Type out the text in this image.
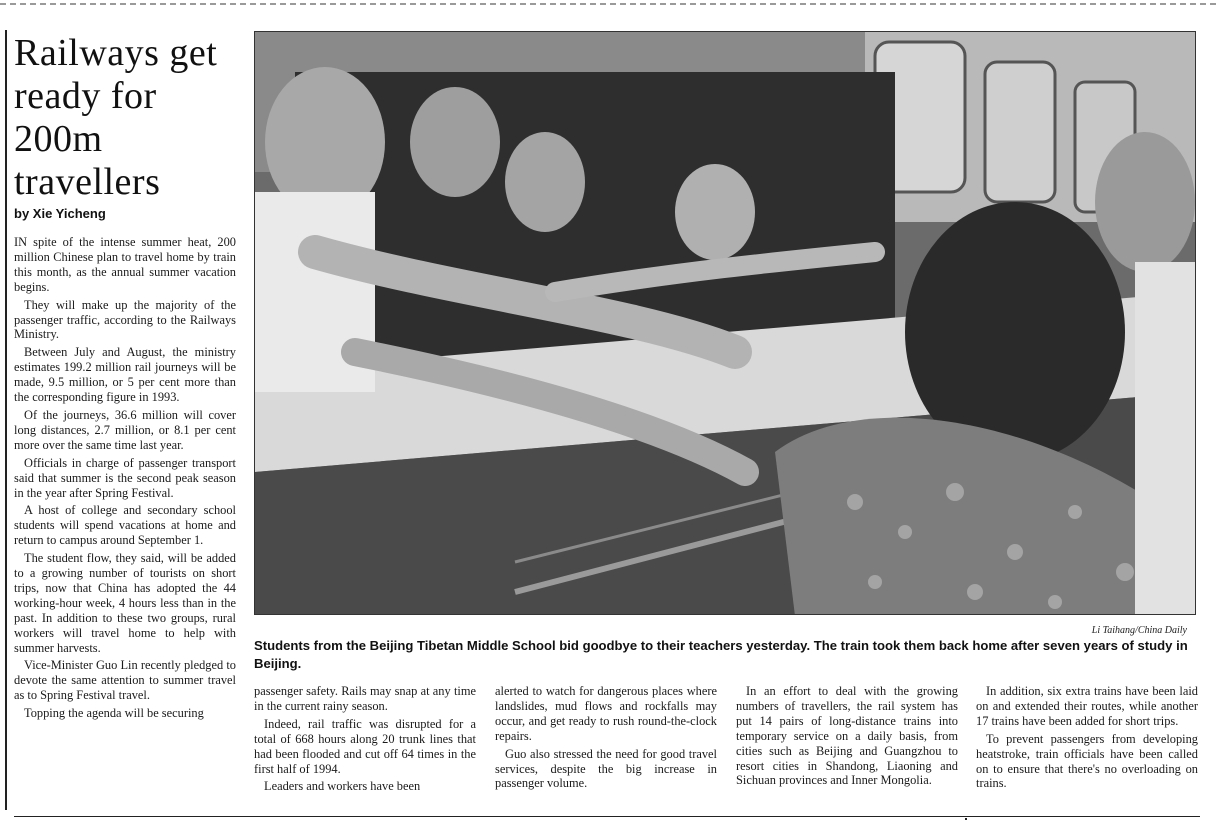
Railways get ready for 200m travellers

by Xie Yicheng

IN spite of the intense summer heat, 200 million Chinese plan to travel home by train this month, as the annual summer vacation begins.

They will make up the majority of the passenger traffic, according to the Railways Ministry.

Between July and August, the ministry estimates 199.2 million rail journeys will be made, 9.5 million, or 5 per cent more than the corresponding figure in 1993.

Of the journeys, 36.6 million will cover long distances, 2.7 million, or 8.1 per cent more over the same time last year.

Officials in charge of passenger transport said that summer is the second peak season in the year after Spring Festival.

A host of college and secondary school students will spend vacations at home and return to campus around September 1.

The student flow, they said, will be added to a growing number of tourists on short trips, now that China has adopted the 44 working-hour week, 4 hours less than in the past. In addition to these two groups, rural workers will travel home to help with summer harvests.

Vice-Minister Guo Lin recently pledged to devote the same attention to summer travel as to Spring Festival travel.

Topping the agenda will be securing

Li Taihang/China Daily

Students from the Beijing Tibetan Middle School bid goodbye to their teachers yesterday. The train took them back home after seven years of study in Beijing.

passenger safety. Rails may snap at any time in the current rainy season.

Indeed, rail traffic was disrupted for a total of 668 hours along 20 trunk lines that had been flooded and cut off 64 times in the first half of 1994.

Leaders and workers have been

alerted to watch for dangerous places where landslides, mud flows and rockfalls may occur, and get ready to rush round-the-clock repairs.

Guo also stressed the need for good travel services, despite the big increase in passenger volume.

In an effort to deal with the growing numbers of travellers, the rail system has put 14 pairs of long-distance trains into temporary service on a daily basis, from cities such as Beijing and Guangzhou to resort cities in Shandong, Liaoning and Sichuan provinces and Inner Mongolia.

In addition, six extra trains have been laid on and extended their routes, while another 17 trains have been added for short trips.

To prevent passengers from developing heatstroke, train officials have been called on to ensure that there's no overloading on trains.
